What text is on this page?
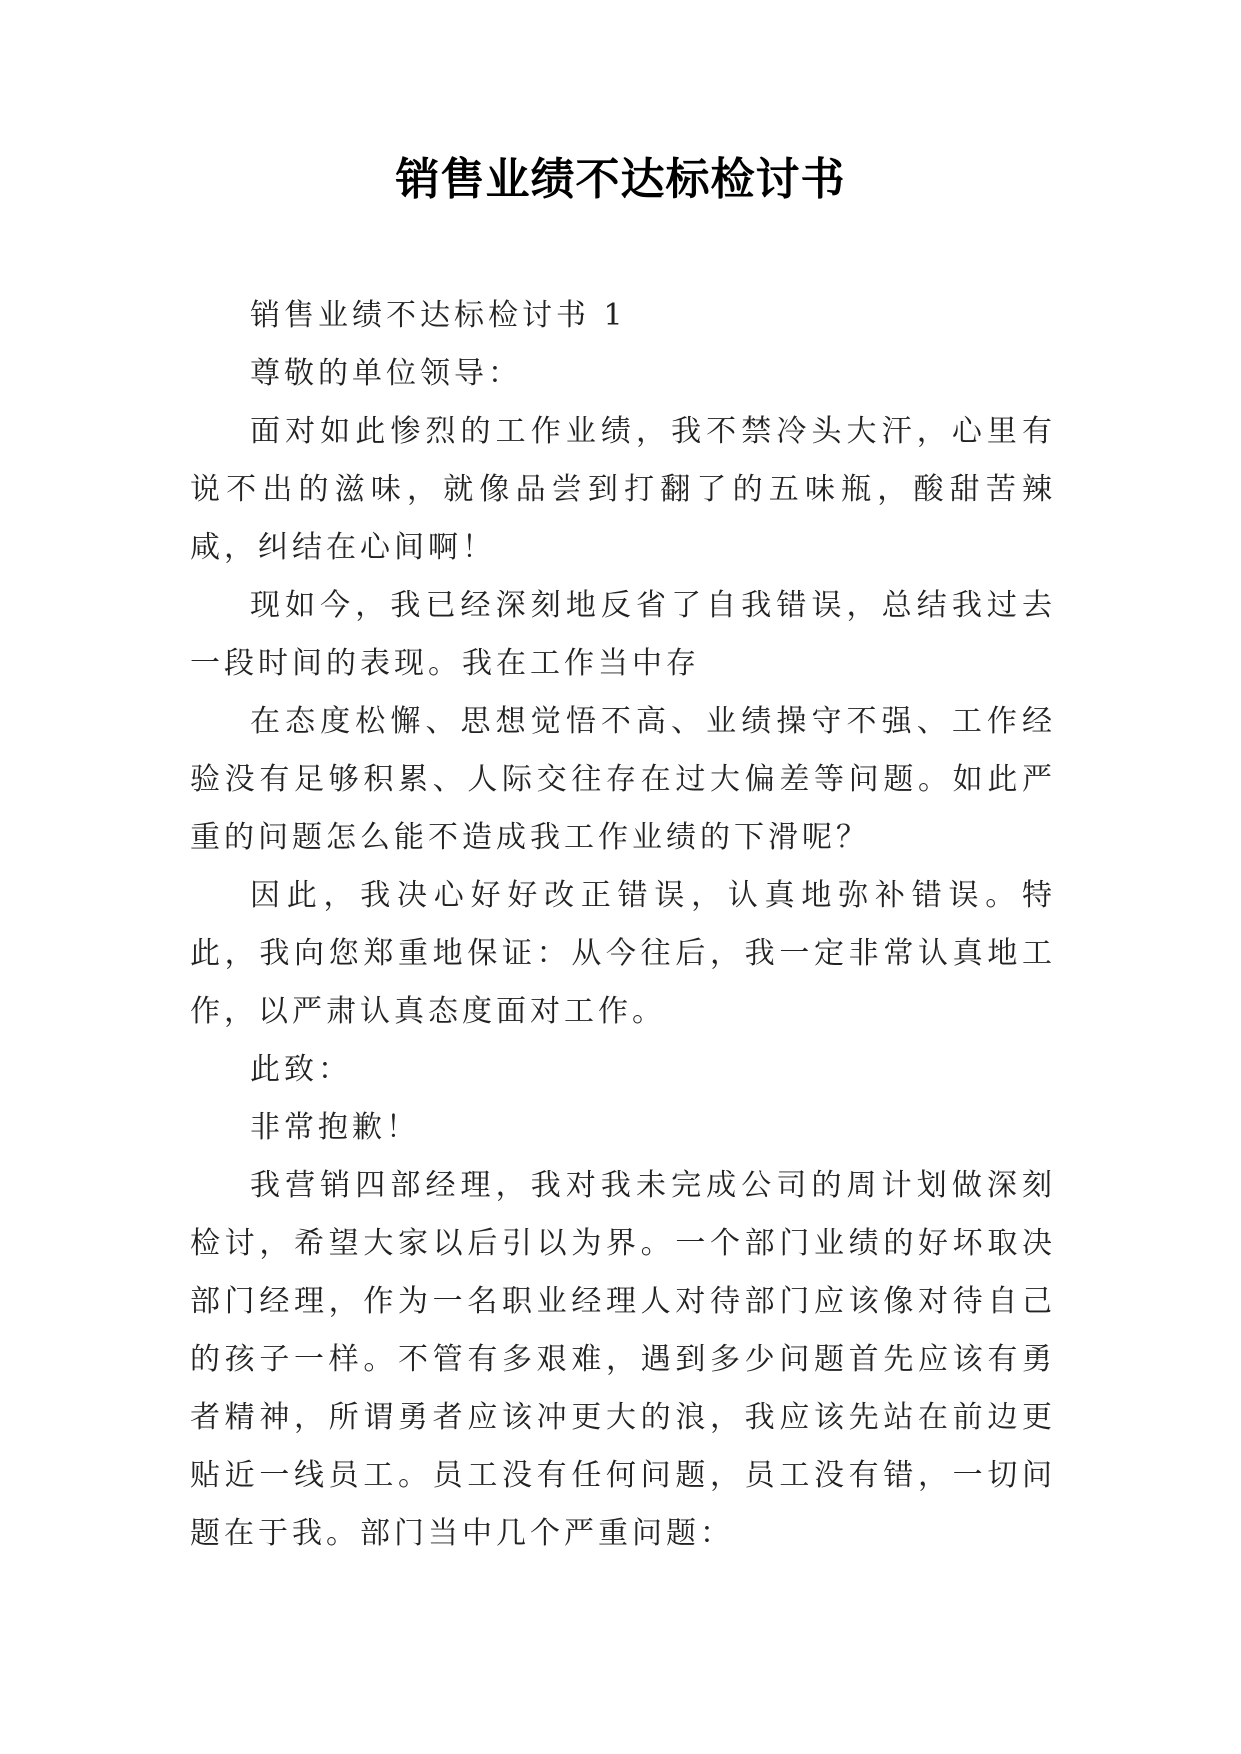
销售业绩不达标检讨书

销售业绩不达标检讨书 1

尊敬的单位领导：

面对如此惨烈的工作业绩，我不禁冷头大汗，心里有说不出的滋味，就像品尝到打翻了的五味瓶，酸甜苦辣咸，纠结在心间啊！

现如今，我已经深刻地反省了自我错误，总结我过去一段时间的表现。我在工作当中存

在态度松懈、思想觉悟不高、业绩操守不强、工作经验没有足够积累、人际交往存在过大偏差等问题。如此严重的问题怎么能不造成我工作业绩的下滑呢？

因此，我决心好好改正错误，认真地弥补错误。特此，我向您郑重地保证：从今往后，我一定非常认真地工作，以严肃认真态度面对工作。

此致：

非常抱歉！

我营销四部经理，我对我未完成公司的周计划做深刻检讨，希望大家以后引以为界。一个部门业绩的好坏取决部门经理，作为一名职业经理人对待部门应该像对待自己的孩子一样。不管有多艰难，遇到多少问题首先应该有勇者精神，所谓勇者应该冲更大的浪，我应该先站在前边更贴近一线员工。员工没有任何问题，员工没有错，一切问题在于我。部门当中几个严重问题：
